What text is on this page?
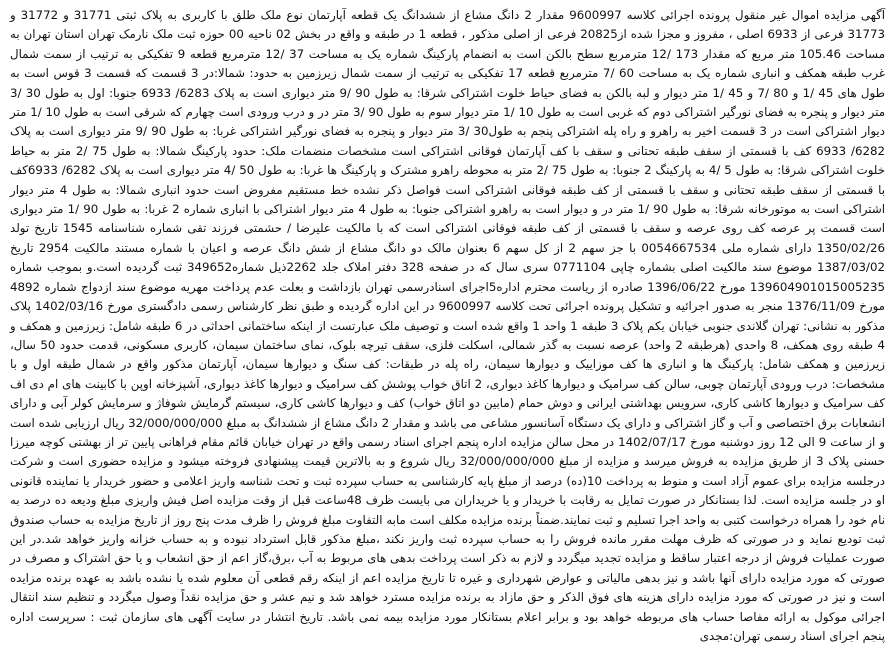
آگهی مزایده اموال غیر منقول پرونده اجرائی کلاسه 9600997 مقدار 2 دانگ مشاع از ششدانگ یک قطعه آپارتمان نوع ملک طلق با کاربری به پلاک ثبتی 31771 و 31772 و 31773 فرعی از 6933 اصلی ، مفروز و مجزا شده از20825 فرعی از اصلی مذکور ، قطعه 1 در طبقه و واقع در بخش 02 ناحیه 00 حوزه ثبت ملک نارمک تهران استان تهران به مساحت 105.46 متر مربع که مقدار 173 /12 مترمربع سطح بالکن است به انضمام پارکینگ شماره یک به مساحت 37 /12 مترمربع قطعه 9 تفکیکی به ترتیب از سمت شمال غرب طبقه همکف و انباری شماره یک به مساحت 60 /7 مترمربع قطعه 17 تفکیکی به ترتیب از سمت شمال زیرزمین به حدود: شمالا:در 3 قسمت که قسمت 3 قوس است به طول های 45 /1 و 80 /7 و 45 /1 متر دیوار و لبه بالکن به فضای حیاط خلوت اشتراکی شرقا: به طول 90 /9 متر دیواری است به پلاک 6283/ 6933 جنوبا: اول به طول 30 /3 متر دیوار و پنجره به فضای نورگیر اشتراکی دوم که غربی است به طول 10 /1 متر دیوار سوم به طول 90 /3 متر در و درب ورودی است چهارم که شرقی است به طول 10 /1 متر دیوار اشتراکی است در 3 قسمت اخیر به راهرو و راه پله اشتراکی پنجم به طول30 /3 متر دیوار و پنجره به فضای نورگیر اشتراکی غربا: به طول 90 /9 متر دیواری است به پلاک 6282/ 6933 کف با قسمتی از سقف طبقه تحتانی و سقف با کف آپارتمان فوقانی اشتراکی است مشخصات منضمات ملک: حدود پارکینگ شمالا: به طول 75 /2 متر به حیاط خلوت اشتراکی شرقا: به طول 5 /4 به پارکینگ 2 جنوبا: به طول 75 /2 متر به محوطه راهرو مشترک و پارکینگ ها غربا: به طول 50 /4 متر دیواری است به پلاک 6282/ 6933کف با قسمتی از سقف طبقه تحتانی و سقف با قسمتی از کف طبقه فوقانی اشتراکی است فواصل ذکر نشده خط مستقیم مفروض است حدود انباری شمالا: به طول 4 متر دیوار اشتراکی است به موتورخانه شرقا: به طول 90 /1 متر در و دیوار است به راهرو اشتراکی جنوبا: به طول 4 متر دیوار اشتراکی با انباری شماره 2 غربا: به طول 90 /1 متر دیواری است قسمت پر عرصه کف روی عرصه و سقف با قسمتی از کف طبقه فوقانی اشتراکی است که با مالکیت علیرضا / حشمتی فرزند تقی شماره شناسنامه 1545 تاریخ تولد 1350/02/26 دارای شماره ملی 0054667534 با جز سهم 2 از کل سهم 6 بعنوان مالک دو دانگ مشاع از شش دانگ عرصه و اعیان با شماره مستند مالکیت 2954 تاریخ 1387/03/02 موضوع سند مالکیت اصلی بشماره چاپی 0771104 سری سال که در صفحه 328 دفتر املاک جلد 2262ذیل شماره349652 ثبت گردیده است.و بموجب شماره 139604901015005235 مورخ 1396/06/22 صادره از ریاست محترم اداره5اجرای اسنادرسمی تهران بازداشت و بعلت عدم پرداخت مهریه موضوع سند ازدواج شماره 4892 مورخ 1376/11/09 منجر به صدور اجرائیه و تشکیل پرونده اجرائی تحت کلاسه 9600997 در این اداره گردیده و طبق نظر کارشناس رسمی دادگستری مورخ 1402/03/16 پلاک مذکور به نشانی: تهران گلاندی جنوبی خیابان یکم پلاک 3 طبقه 1 واحد 1 واقع شده است و توصیف ملک عبارتست از اینکه ساختمانی احداثی در 6 طبقه شامل: زیرزمین و همکف و 4 طبقه روی همکف، 8 واحدی (هرطبقه 2 واحد) عرصه نسبت به گذر شمالی، اسکلت فلزی، سقف تیرچه بلوک، نمای ساختمان سیمان، کاربری مسکونی، قدمت حدود 50 سال، زیرزمین و همکف شامل: پارکینگ ها و انباری ها کف موزاییک و دیوارها سیمان، راه پله در طبقات: کف سنگ و دیوارها سیمان، آپارتمان مذکور واقع در شمال طبقه اول و با مشخصات: درب ورودی آپارتمان چوبی، سالن کف سرامیک و دیوارها کاغذ دیواری، 2 اتاق خواب پوشش کف سرامیک و دیوارها کاغذ دیواری، آشپزخانه اوپن با کابینت های ام دی اف کف سرامیک و دیوارها کاشی کاری، سرویس بهداشتی ایرانی و دوش حمام (مابین دو اتاق خواب) کف و دیوارها کاشی کاری، سیستم گرمایش شوفاژ و سرمایش کولر آبی و دارای انشعابات برق اختصاصی و آب و گاز اشتراکی و دارای یک دستگاه آسانسور مشاعی می باشد و مقدار 2 دانگ مشاع از ششدانگ به مبلغ 32/000/000/000 ریال ارزیابی شده است و از ساعت 9 الی 12 روز دوشنبه مورخ 1402/07/17 در محل سالن مزایده اداره پنجم اجرای اسناد رسمی واقع در تهران خیابان قائم مقام فراهانی پایین تر از بهشتی کوچه میرزا حسنی پلاک 3 از طریق مزایده به فروش میرسد و مزایده از مبلغ 32/000/000/000 ریال شروع و به بالاترین قیمت پیشنهادی فروخته میشود و مزایده حضوری است و شرکت درجلسه مزایده برای عموم آزاد است و منوط به پرداخت 10(ده) درصد از مبلغ پایه کارشناسی به حساب سپرده ثبت و تحت شناسه واریز اعلامی و حضور خریدار یا نماینده قانونی او در جلسه مزایده است. لذا بستانکار در صورت تمایل به رقابت با خریدار و یا خریداران می بایست ظرف 48ساعت قبل از وقت مزایده اصل فیش واریزی مبلغ ودیعه ده درصد به نام خود را همراه درخواست کتبی به واحد اجرا تسلیم و ثبت نمایند.ضمناً برنده مزایده مکلف است مابه التفاوت مبلغ فروش را ظرف مدت پنج روز از تاریخ مزایده به حساب صندوق ثبت تودیع نماید و در صورتی که ظرف مهلت مقرر مانده فروش را به حساب سپرده ثبت واریز نکند ،مبلغ مذکور قابل استرداد نبوده و به حساب خزانه واریز خواهد شد.در این صورت عملیات فروش از درجه اعتبار ساقط و مزایده تجدید میگردد و لازم به ذکر است پرداخت بدهی های مربوط به آب ،برق،گاز اعم از حق انشعاب و یا حق اشتراک و مصرف در صورتی که مورد مزایده دارای آنها باشد و نیز بدهی مالیاتی و عوارض شهرداری و غیره تا تاریخ مزایده اعم از اینکه رقم قطعی آن معلوم شده یا نشده باشد به عهده برنده مزایده است و نیز در صورتی که مورد مزایده دارای هزینه های فوق الذکر و حق مازاد به برنده مزایده مسترد خواهد شد و نیم عشر و حق مزایده نقداً وصول میگردد و تنظیم سند انتقال اجرائی موکول به ارائه مفاصا حساب های مربوطه خواهد بود و برابر اعلام بستانکار مورد مزایده بیمه نمی باشد. تاریخ انتشار در سایت آگهی های سازمان ثبت : سرپرست اداره پنجم اجرای اسناد رسمی تهران:مجدی
